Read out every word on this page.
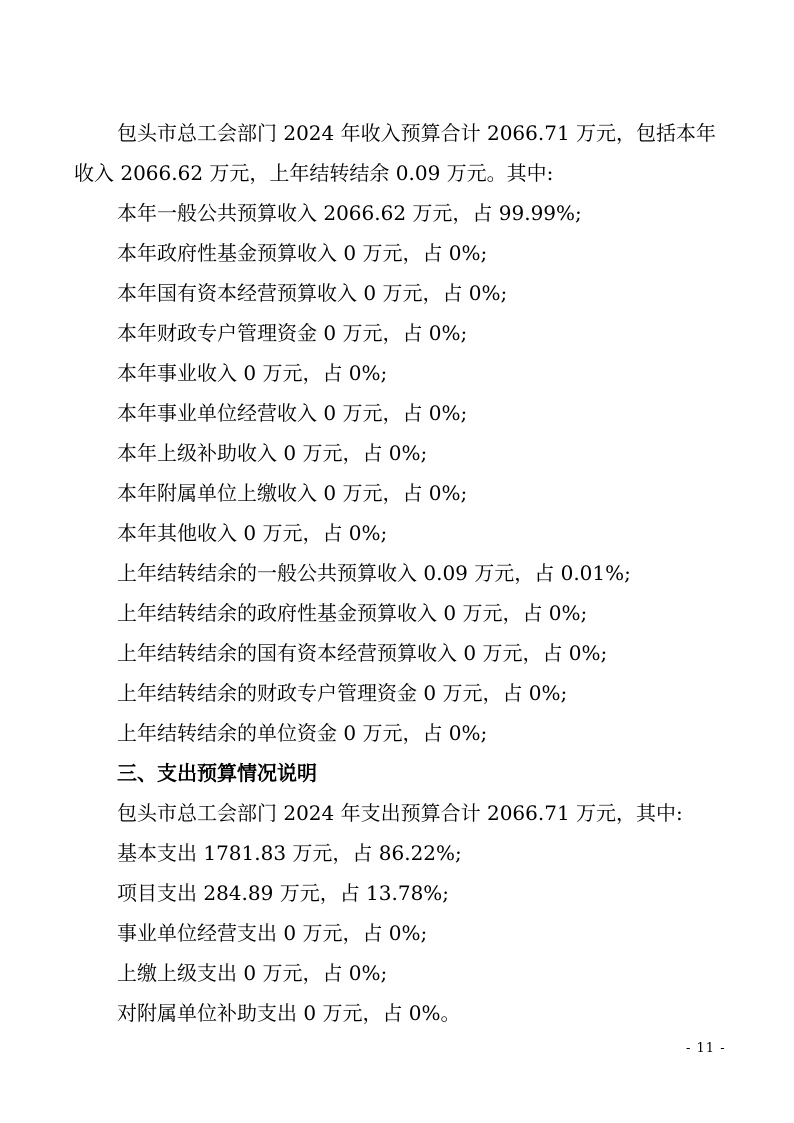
包头市总工会部门 2024 年收入预算合计 2066.71 万元，包括本年收入 2066.62 万元，上年结转结余 0.09 万元。其中:

本年一般公共预算收入 2066.62 万元，占 99.99%;

本年政府性基金预算收入 0 万元，占 0%;

本年国有资本经营预算收入 0 万元，占 0%;

本年财政专户管理资金 0 万元，占 0%;

本年事业收入 0 万元，占 0%;

本年事业单位经营收入 0 万元，占 0%;

本年上级补助收入 0 万元，占 0%;

本年附属单位上缴收入 0 万元，占 0%;

本年其他收入 0 万元，占 0%;

上年结转结余的一般公共预算收入 0.09 万元，占 0.01%;

上年结转结余的政府性基金预算收入 0 万元，占 0%;

上年结转结余的国有资本经营预算收入 0 万元，占 0%;

上年结转结余的财政专户管理资金 0 万元，占 0%;

上年结转结余的单位资金 0 万元，占 0%;

三、支出预算情况说明

包头市总工会部门 2024 年支出预算合计 2066.71 万元，其中:

基本支出 1781.83 万元，占 86.22%;

项目支出 284.89 万元，占 13.78%;

事业单位经营支出 0 万元，占 0%;

上缴上级支出 0 万元，占 0%;

对附属单位补助支出 0 万元，占 0%。

- 11 -
